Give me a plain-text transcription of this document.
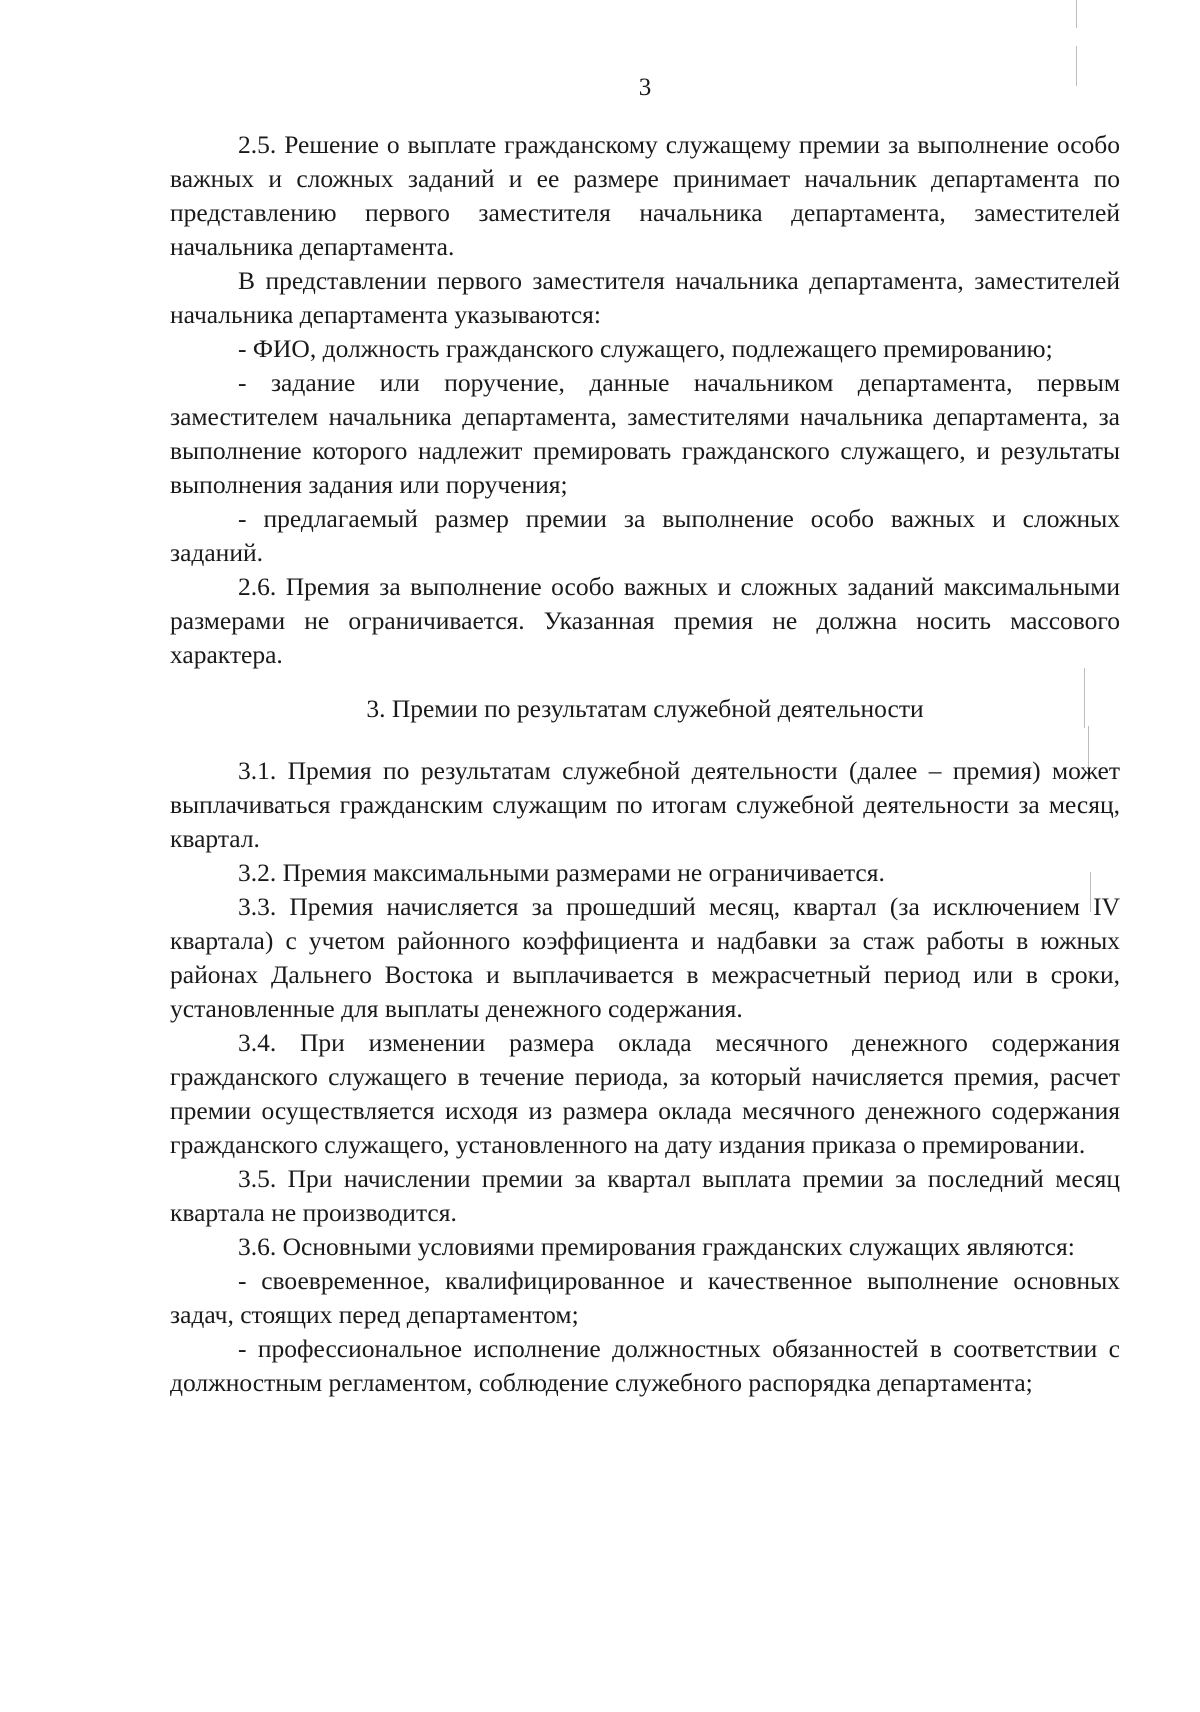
3

2.5. Решение о выплате гражданскому служащему премии за выполнение особо важных и сложных заданий и ее размере принимает начальник департамента по представлению первого заместителя начальника департамента, заместителей начальника департамента.

В представлении первого заместителя начальника департамента, заместителей начальника департамента указываются:

- ФИО, должность гражданского служащего, подлежащего премированию;

- задание или поручение, данные начальником департамента, первым заместителем начальника департамента, заместителями начальника департамента, за выполнение которого надлежит премировать гражданского служащего, и результаты выполнения задания или поручения;

- предлагаемый размер премии за выполнение особо важных и сложных заданий.

2.6. Премия за выполнение особо важных и сложных заданий максимальными размерами не ограничивается. Указанная премия не должна носить массового характера.

3. Премии по результатам служебной деятельности

3.1. Премия по результатам служебной деятельности (далее – премия) может выплачиваться гражданским служащим по итогам служебной деятельности за месяц, квартал.

3.2. Премия максимальными размерами не ограничивается.

3.3. Премия начисляется за прошедший месяц, квартал (за исключением IV квартала) с учетом районного коэффициента и надбавки за стаж работы в южных районах Дальнего Востока и выплачивается в межрасчетный период или в сроки, установленные для выплаты денежного содержания.

3.4. При изменении размера оклада месячного денежного содержания гражданского служащего в течение периода, за который начисляется премия, расчет премии осуществляется исходя из размера оклада месячного денежного содержания гражданского служащего, установленного на дату издания приказа о премировании.

3.5. При начислении премии за квартал выплата премии за последний месяц квартала не производится.

3.6. Основными условиями премирования гражданских служащих являются:

- своевременное, квалифицированное и качественное выполнение основных задач, стоящих перед департаментом;

- профессиональное исполнение должностных обязанностей в соответствии с должностным регламентом, соблюдение служебного распорядка департамента;
